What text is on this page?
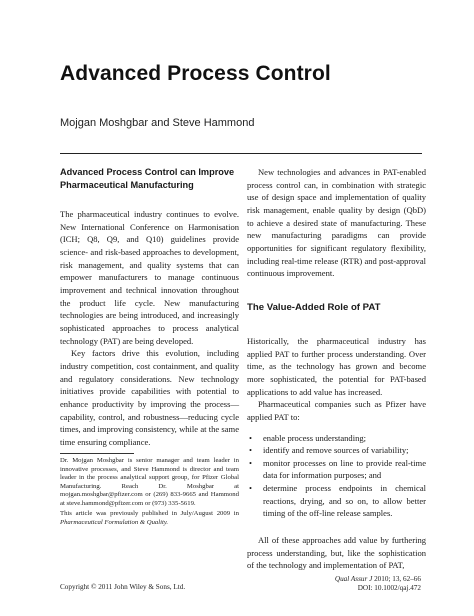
Advanced Process Control
Mojgan Moshgbar and Steve Hammond
Advanced Process Control can Improve Pharmaceutical Manufacturing

The pharmaceutical industry continues to evolve. New International Conference on Harmonisation (ICH; Q8, Q9, and Q10) guidelines provide science- and risk-based approaches to development, risk management, and quality systems that can empower manufacturers to manage continuous improvement and technical innovation throughout the product life cycle. New manufacturing technologies are being introduced, and increasingly sophisticated approaches to process analytical technology (PAT) are being developed.

Key factors drive this evolution, including industry competition, cost containment, and quality and regulatory considerations. New technology initiatives provide capabilities with potential to enhance productivity by improving the process—capability, control, and robustness—reducing cycle times, and improving consistency, while at the same time ensuring compliance.

Dr. Mojgan Moshgbar is senior manager and team leader in innovative processes, and Steve Hammond is director and team leader in the process analytical support group, for Pfizer Global Manufacturing. Reach Dr. Moshgbar at mojgan.moshgbar@pfizer.com or (269) 833-9665 and Hammond at steve.hammond@pfizer.com or (973) 335-5619.
This article was previously published in July/August 2009 in Pharmaceutical Formulation & Quality.

New technologies and advances in PAT-enabled process control can, in combination with strategic use of design space and implementation of quality risk management, enable quality by design (QbD) to achieve a desired state of manufacturing. These new manufacturing paradigms can provide opportunities for significant regulatory flexibility, including real-time release (RTR) and post-approval continuous improvement.

The Value-Added Role of PAT

Historically, the pharmaceutical industry has applied PAT to further process understanding. Over time, as the technology has grown and become more sophisticated, the potential for PAT-based applications to add value has increased.

Pharmaceutical companies such as Pfizer have applied PAT to:

• enable process understanding;
• identify and remove sources of variability;
• monitor processes on line to provide real-time data for information purposes; and
• determine process endpoints in chemical reactions, drying, and so on, to allow better timing of the off-line release samples.

All of these approaches add value by furthering process understanding, but, like the sophistication of the technology and implementation of PAT,

Copyright © 2011 John Wiley & Sons, Ltd.
Qual Assur J 2010; 13, 62–66
DOI: 10.1002/qaj.472
